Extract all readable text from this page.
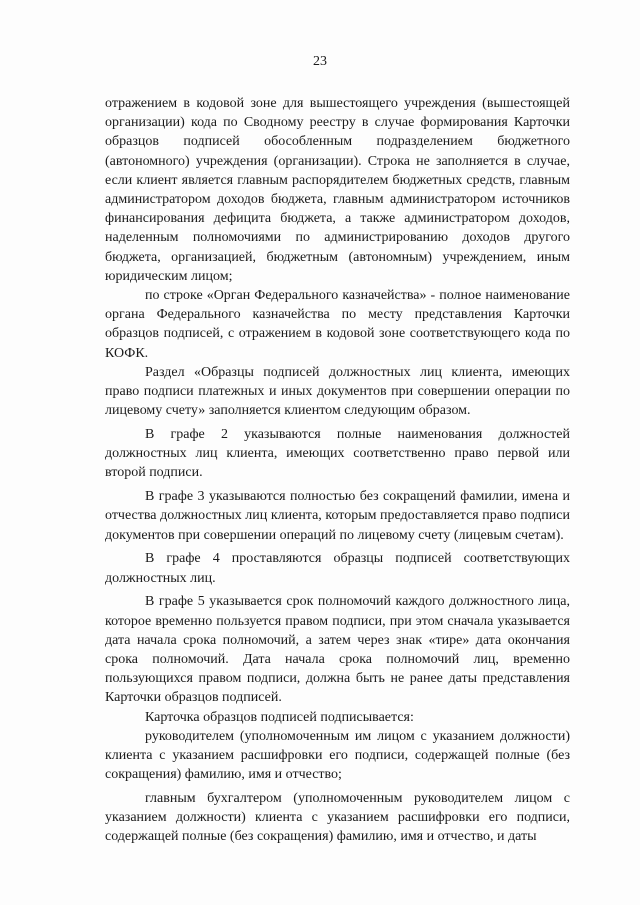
23

отражением в кодовой зоне для вышестоящего учреждения (вышестоящей организации) кода по Сводному реестру в случае формирования Карточки образцов подписей обособленным подразделением бюджетного (автономного) учреждения (организации). Строка не заполняется в случае, если клиент является главным распорядителем бюджетных средств, главным администратором доходов бюджета, главным администратором источников финансирования дефицита бюджета, а также администратором доходов, наделенным полномочиями по администрированию доходов другого бюджета, организацией, бюджетным (автономным) учреждением, иным юридическим лицом;

по строке «Орган Федерального казначейства» - полное наименование органа Федерального казначейства по месту представления Карточки образцов подписей, с отражением в кодовой зоне соответствующего кода по КОФК.

Раздел «Образцы подписей должностных лиц клиента, имеющих право подписи платежных и иных документов при совершении операции по лицевому счету» заполняется клиентом следующим образом.

В графе 2 указываются полные наименования должностей должностных лиц клиента, имеющих соответственно право первой или второй подписи.

В графе 3 указываются полностью без сокращений фамилии, имена и отчества должностных лиц клиента, которым предоставляется право подписи документов при совершении операций по лицевому счету (лицевым счетам).

В графе 4 проставляются образцы подписей соответствующих должностных лиц.

В графе 5 указывается срок полномочий каждого должностного лица, которое временно пользуется правом подписи, при этом сначала указывается дата начала срока полномочий, а затем через знак «тире» дата окончания срока полномочий. Дата начала срока полномочий лиц, временно пользующихся правом подписи, должна быть не ранее даты представления Карточки образцов подписей.

Карточка образцов подписей подписывается:

руководителем (уполномоченным им лицом с указанием должности) клиента с указанием расшифровки его подписи, содержащей полные (без сокращения) фамилию, имя и отчество;

главным бухгалтером (уполномоченным руководителем лицом с указанием должности) клиента с указанием расшифровки его подписи, содержащей полные (без сокращения) фамилию, имя и отчество, и даты
